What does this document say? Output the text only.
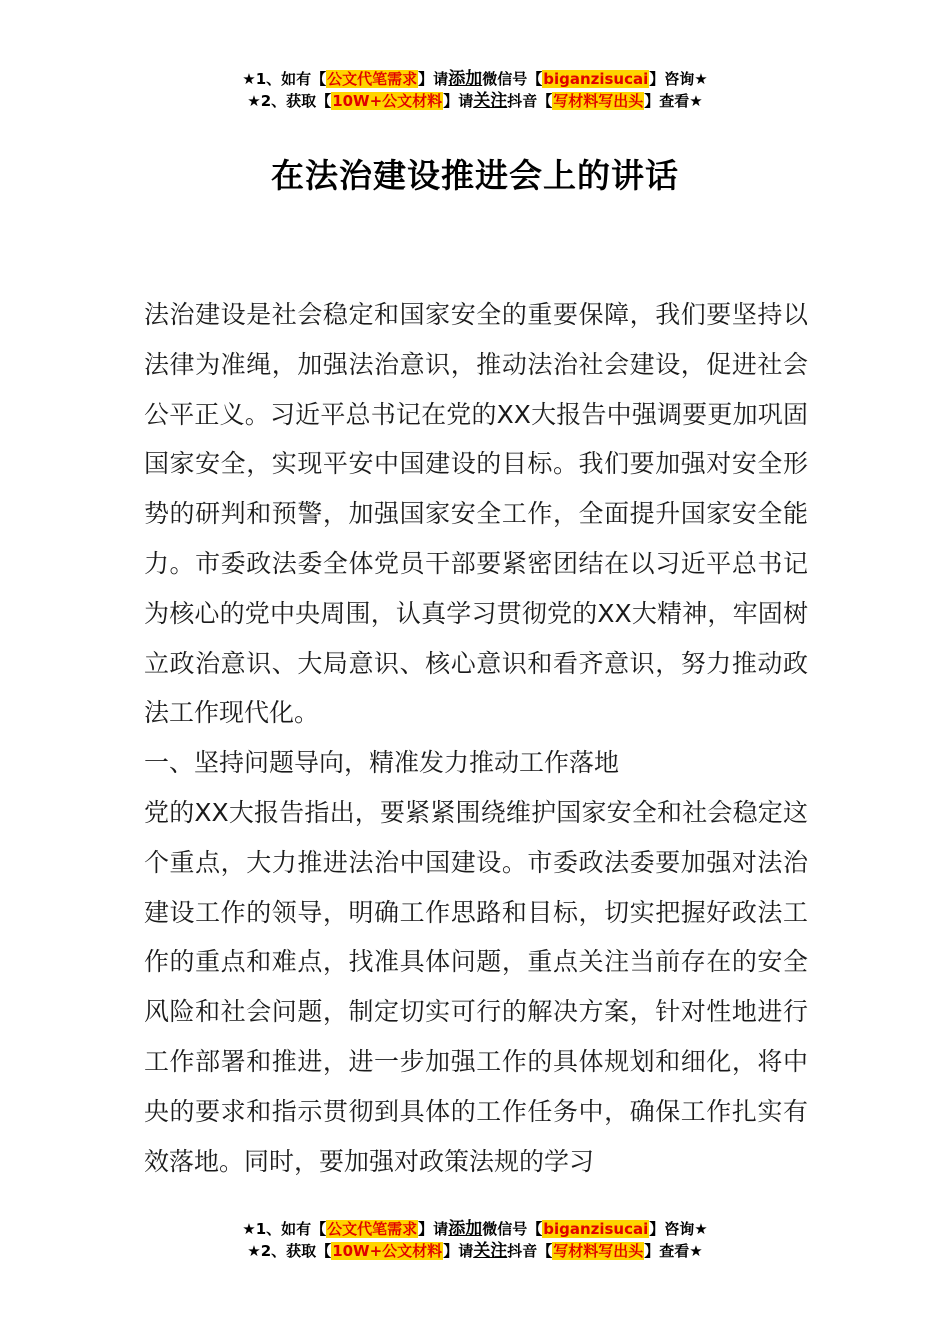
★1、如有【公文代笔需求】请添加微信号【biganzisucai】咨询★
★2、获取【10W+公文材料】请关注抖音【写材料写出头】查看★
在法治建设推进会上的讲话

法治建设是社会稳定和国家安全的重要保障，我们要坚持以法律为准绳，加强法治意识，推动法治社会建设，促进社会公平正义。习近平总书记在党的XX大报告中强调要更加巩固国家安全，实现平安中国建设的目标。我们要加强对安全形势的研判和预警，加强国家安全工作，全面提升国家安全能力。市委政法委全体党员干部要紧密团结在以习近平总书记为核心的党中央周围，认真学习贯彻党的XX大精神，牢固树立政治意识、大局意识、核心意识和看齐意识，努力推动政法工作现代化。

一、坚持问题导向，精准发力推动工作落地

党的XX大报告指出，要紧紧围绕维护国家安全和社会稳定这个重点，大力推进法治中国建设。市委政法委要加强对法治建设工作的领导，明确工作思路和目标，切实把握好政法工作的重点和难点，找准具体问题，重点关注当前存在的安全风险和社会问题，制定切实可行的解决方案，针对性地进行工作部署和推进，进一步加强工作的具体规划和细化，将中央的要求和指示贯彻到具体的工作任务中，确保工作扎实有效落地。同时，要加强对政策法规的学习

★1、如有【公文代笔需求】请添加微信号【biganzisucai】咨询★
★2、获取【10W+公文材料】请关注抖音【写材料写出头】查看★
